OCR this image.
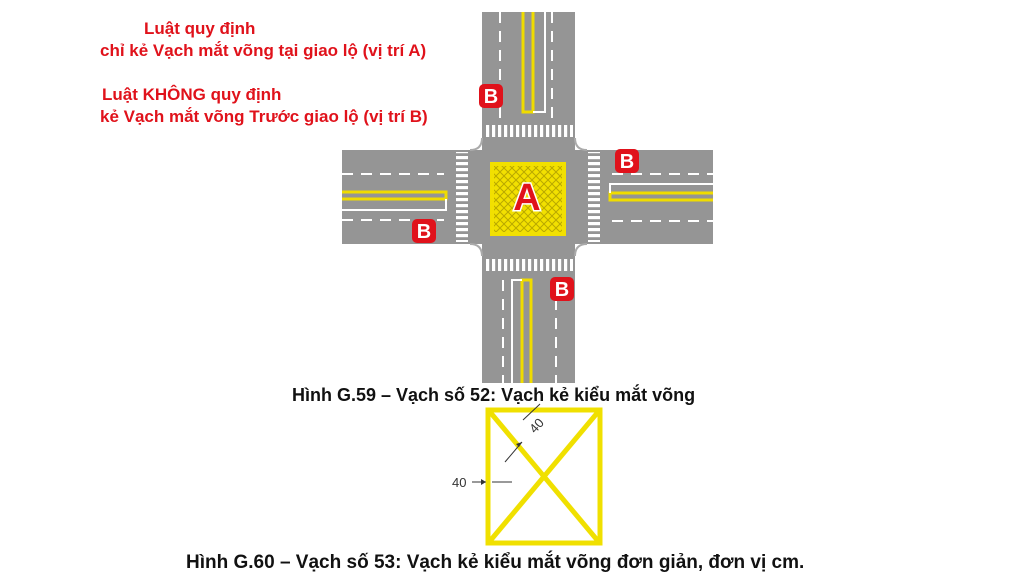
A
B
B
B
B
40
40
Luật quy định
chỉ kẻ Vạch mắt võng tại giao lộ (vị trí A)
Luật KHÔNG quy định
kẻ Vạch mắt võng Trước giao lộ (vị trí B)
Hình G.59 – Vạch số 52: Vạch kẻ kiểu mắt võng
Hình G.60 – Vạch số 53: Vạch kẻ kiểu mắt võng đơn giản, đơn vị cm.
